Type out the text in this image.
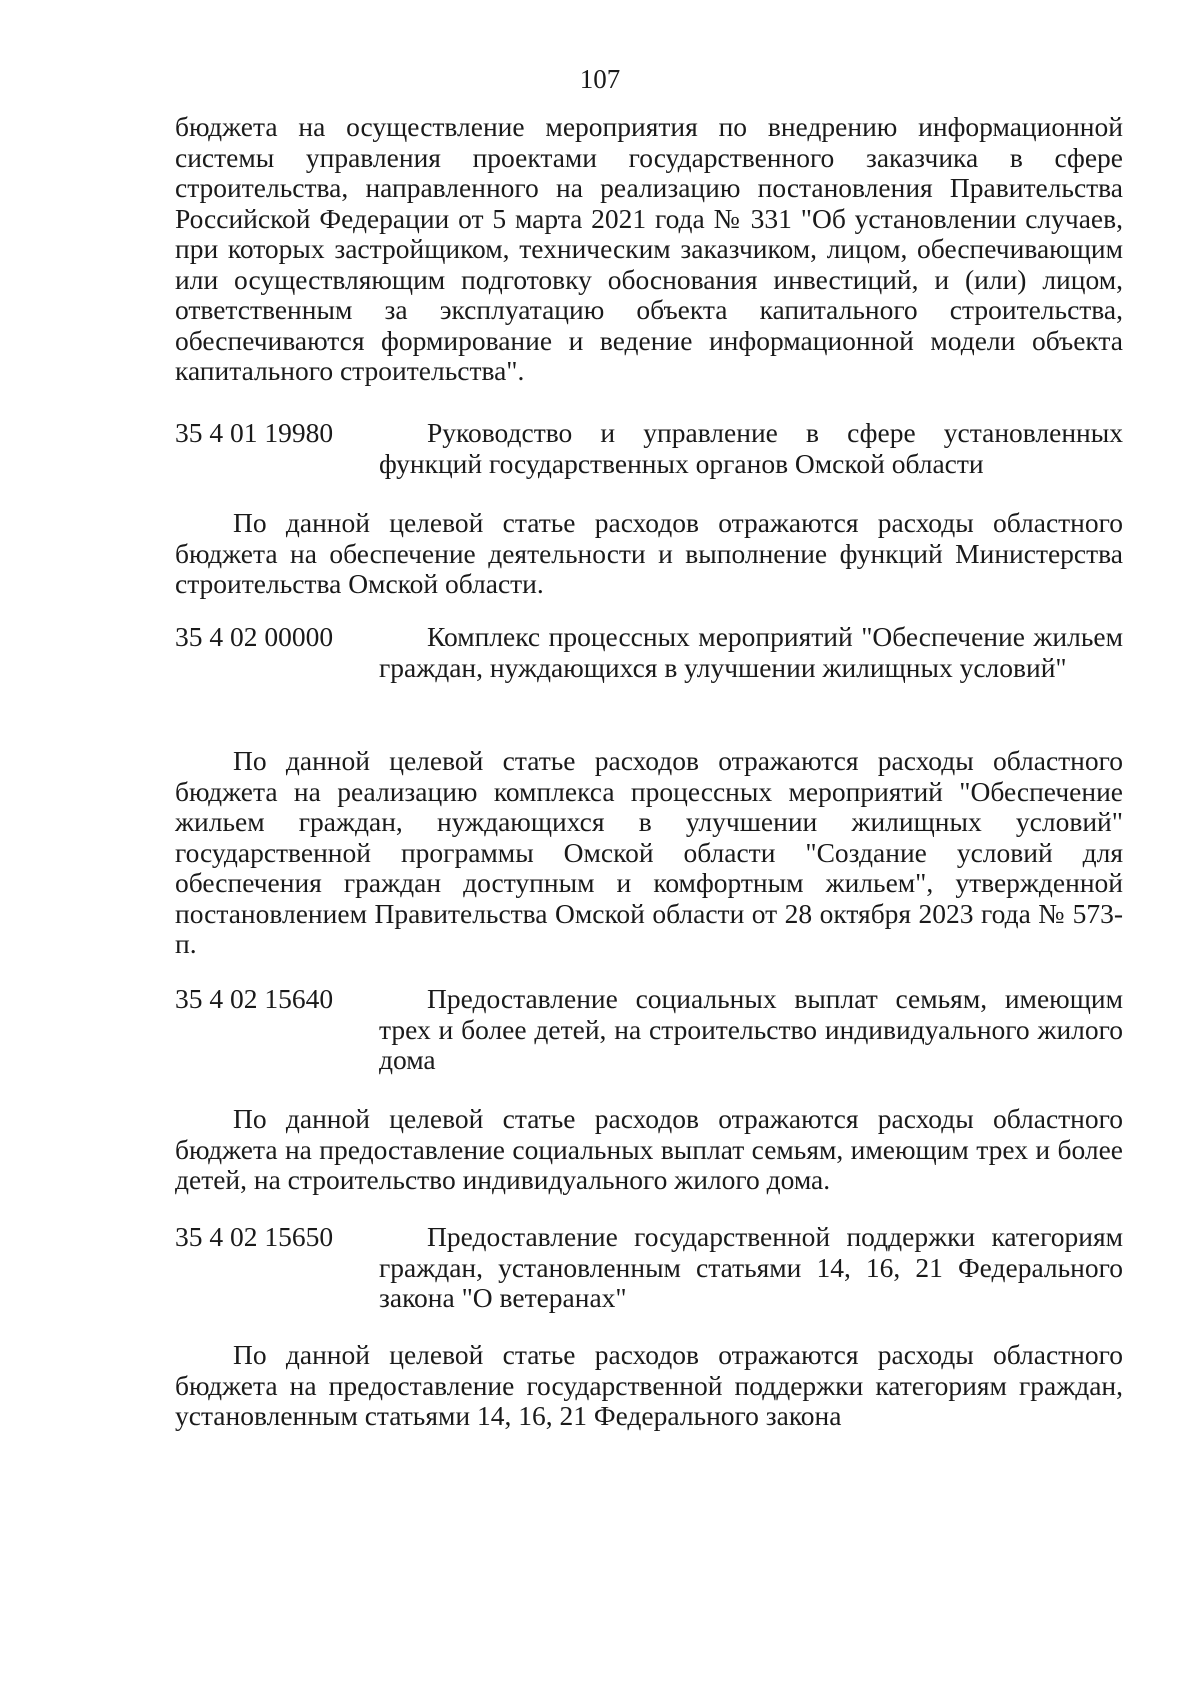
107

бюджета на осуществление мероприятия по внедрению информационной системы управления проектами государственного заказчика в сфере строительства, направленного на реализацию постановления Правительства Российской Федерации от 5 марта 2021 года № 331 "Об установлении случаев, при которых застройщиком, техническим заказчиком, лицом, обеспечивающим или осуществляющим подготовку обоснования инвестиций, и (или) лицом, ответственным за эксплуатацию объекта капитального строительства, обеспечиваются формирование и ведение информационной модели объекта капитального строительства".

35 4 01 19980	Руководство и управление в сфере установленных функций государственных органов Омской области

По данной целевой статье расходов отражаются расходы областного бюджета на обеспечение деятельности и выполнение функций Министерства строительства Омской области.

35 4 02 00000	Комплекс процессных мероприятий "Обеспечение жильем граждан, нуждающихся в улучшении жилищных условий"

По данной целевой статье расходов отражаются расходы областного бюджета на реализацию комплекса процессных мероприятий "Обеспечение жильем граждан, нуждающихся в улучшении жилищных условий" государственной программы Омской области "Создание условий для обеспечения граждан доступным и комфортным жильем", утвержденной постановлением Правительства Омской области от 28 октября 2023 года № 573-п.

35 4 02 15640	Предоставление социальных выплат семьям, имеющим трех и более детей, на строительство индивидуального жилого дома

По данной целевой статье расходов отражаются расходы областного бюджета на предоставление социальных выплат семьям, имеющим трех и более детей, на строительство индивидуального жилого дома.

35 4 02 15650	Предоставление государственной поддержки категориям граждан, установленным статьями 14, 16, 21 Федерального закона "О ветеранах"

По данной целевой статье расходов отражаются расходы областного бюджета на предоставление государственной поддержки категориям граждан, установленным статьями 14, 16, 21 Федерального закона
